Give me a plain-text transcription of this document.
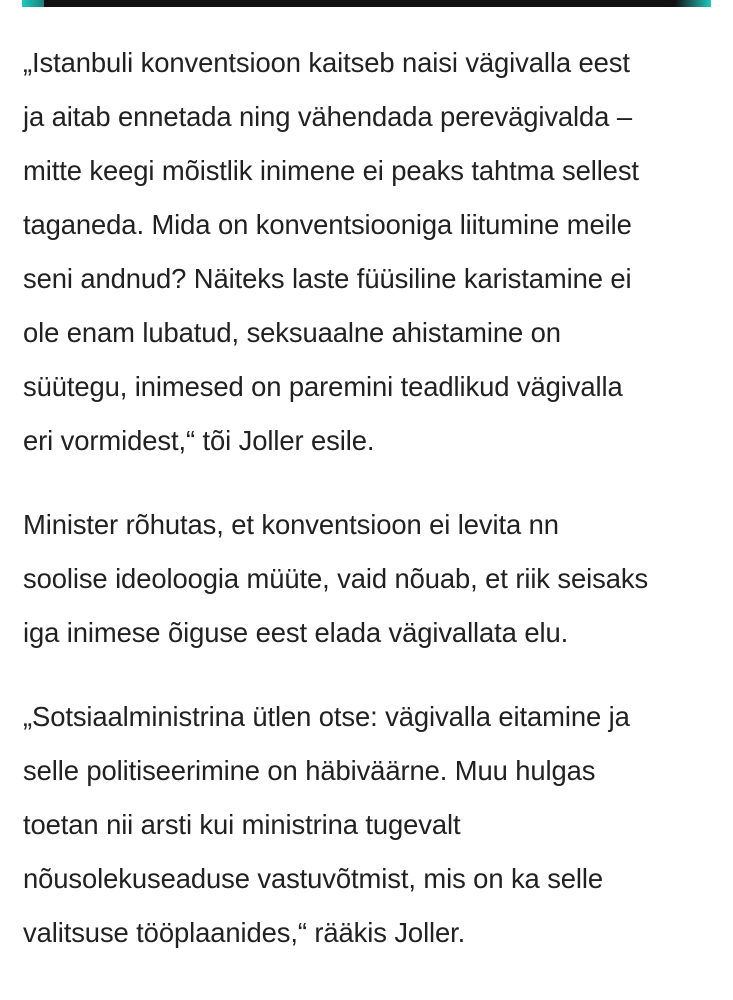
„Istanbuli konventsioon kaitseb naisi vägivalla eest
ja aitab ennetada ning vähendada perevägivalda –
mitte keegi mõistlik inimene ei peaks tahtma sellest
taganeda. Mida on konventsiooniga liitumine meile
seni andnud? Näiteks laste füüsiline karistamine ei
ole enam lubatud, seksuaalne ahistamine on
süütegu, inimesed on paremini teadlikud vägivalla
eri vormidest,“ tõi Joller esile.

Minister rõhutas, et konventsioon ei levita nn
soolise ideoloogia müüte, vaid nõuab, et riik seisaks
iga inimese õiguse eest elada vägivallata elu.

„Sotsiaalministrina ütlen otse: vägivalla eitamine ja
selle politiseerimine on häbiväärne. Muu hulgas
toetan nii arsti kui ministrina tugevalt
nõusolekuseaduse vastuvõtmist, mis on ka selle
valitsuse tööplaanides,“ rääkis Joller.
